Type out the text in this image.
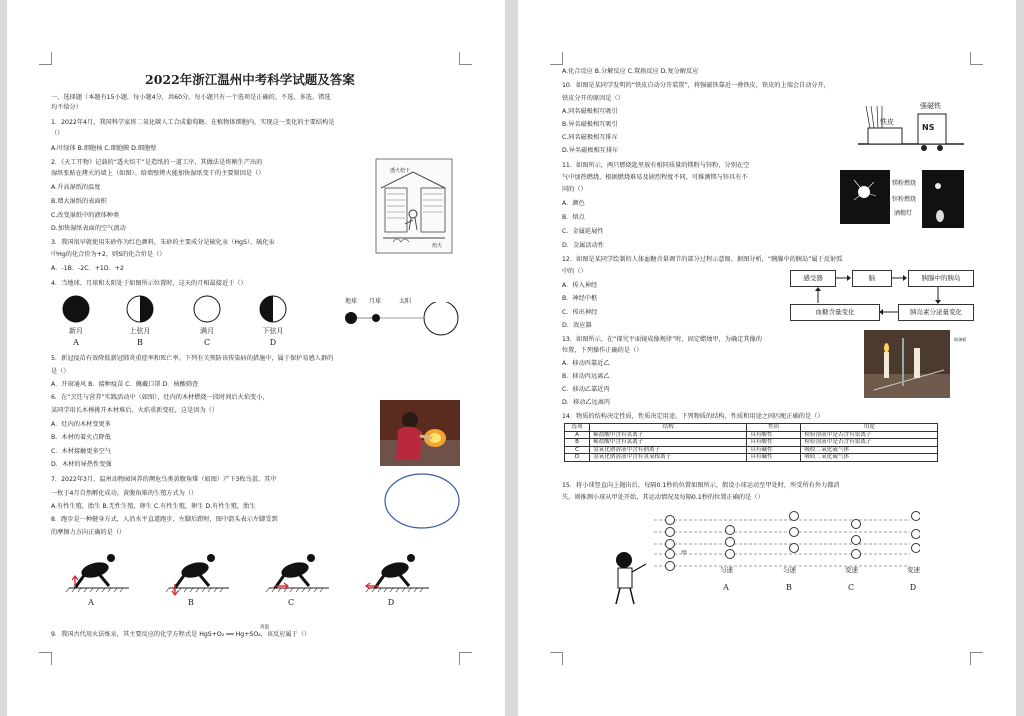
2022年浙江温州中考科学试题及答案
一、选择题（本题有15小题，每小题4分，共60分。每小题只有一个选项是正确的，不选、多选、错选
均不给分）
1．2022年4月，我国科学家将二氧化碳人工合成葡萄糖。在植物体细胞内，实现这一变化的主要结构是
（）
A.叶绿体 B.细胞核 C.细胞膜 D.细胞壁
2．《天工开物》记载的“透火焙干”是造纸的一道工序，其做法是将刚生产出的
湿纸张贴在烤火的墙上（如图）。给墙壁烤火能加快湿纸变干的主要原因是（）
A.升高湿纸的温度
B.增大湿纸的表面积
C.改变湿纸中的液体种类
D.加快湿纸表面的空气流动
3．我国很早就使用朱砂作为红色颜料，朱砂的主要成分是硫化汞（HgS），硫化汞
中Hg的化合价为+2，则S的化合价是（）
A．-1B．-2C．+1D．+2
4．当地球、月球和太阳处于如图所示位置时，这天的月相最接近于（）
透火焙干
焙火
新月	上弦月	满月	下弦月
A	B	C	D
地球 月球	太阳
5．新冠疫苗有效降低新冠肺炎重症率和死亡率。下列有关预防该传染病的措施中，属于保护易感人群的
是（）
A．开窗通风 B．接种疫苗 C．佩戴口罩 D．核酸筛查
6．在“烹饪与营养”实践活动中（如图），灶内的木材燃烧一段时间后火焰变小，
某同学用长木棒挑开木材堆后，火焰重新变旺，这是因为（）
A．灶内的木材变更多
B．木材的着火点降低
C．木材接触更多空气
D．木材的导热性变强
7．2022年3月，温州动物园饲养的濒危鸟类黄腹角雉（如图）产下3枚鸟蛋，其中
一枚于4月自然孵化成功。黄腹角雉的生殖方式为（）
A.有性生殖，胎生 B.无性生殖，卵生 C.有性生殖，卵生 D.有性生殖，胎生
8．跑步是一种健身方式，人沿水平直道跑步，左脚后蹬时，图中箭头表示左脚受到
的摩擦力方向正确的是（）
A	B	C	D
9．我国古代用火法炼汞，其主要反应的化学方程式是 HgS+O₂ ══ Hg+SO₂，该反应属于（）
高温
A.化合反应 B.分解反应 C.置换反应 D.复分解反应
10．如图是某同学发明的“铁皮自动分开装置”，将强磁铁靠近一叠铁皮，铁皮的上端会自动分开，
铁皮分开的原因是（）
A.同名磁极相互吸引
B.异名磁极相互吸引
C.同名磁极相互排斥
D.异名磁极相互排斥
铁皮
强磁铁
NS
11．如图所示，两只燃烧匙里放有相同质量的镁粉与锌粉，分别在空
气中加热燃烧，根据燃烧难易及剧烈程度不同，可推测镁与锌具有不
同的（）
A．颜色
B．熔点
C．金属延展性
D．金属活动性
镁粉燃烧
锌粉燃烧
酒精灯
12．如图是某同学绘制的人体血糖含量调节的部分过程示意图。据图分析，“胰腺中的胰岛”属于反射弧
中的（）
A．传入神经
B．神经中枢
C．传出神经
D．效应器
感受器	脑	胰腺中的胰岛
血糖含量变化	胰岛素分泌量变化
13．如图所示，在“探究平面镜成像规律”时，固定蜡烛甲，为确定其像的
位置，下列操作正确的是（）
A．移动丙靠近乙
B．移动丙远离乙
C．移动乙靠近丙
D．移动乙远离丙
玻璃板
14．物质的结构决定性质，性质决定用途。下列物质的结构、性质和用途之间匹配正确的是（）
选项	结构	性质	用途
A	稀盐酸中含有氢离子	具有酸性	检验溶液中是否含有银离子
B	稀盐酸中含有氯离子	具有酸性	检验溶液中是否含有银离子
C	氢氧化钠溶液中含有钠离子	具有碱性	吸收二氧化硫气体
D	氢氧化钠溶液中含有氢氧根离子	具有碱性	吸收二氧化硫气体
15．将小球竖直向上抛出后，每隔0.1秒的位置如图所示，假设小球运动至甲处时，所受所有外力都消
失，则推测小球从甲处开始，其运动情况及每隔0.1秒的位置正确的是（）
甲
匀速	匀速	变速	变速
A	B	C	D
